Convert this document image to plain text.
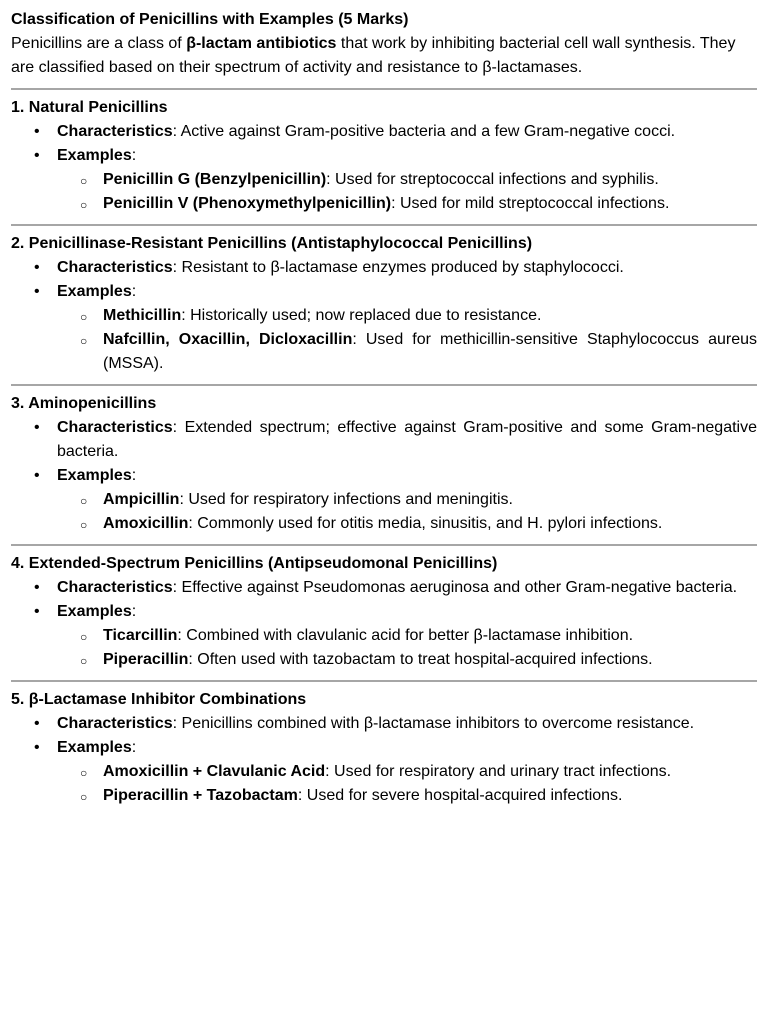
Classification of Penicillins with Examples (5 Marks)

Penicillins are a class of β-lactam antibiotics that work by inhibiting bacterial cell wall synthesis. They are classified based on their spectrum of activity and resistance to β-lactamases.

1. Natural Penicillins

• Characteristics: Active against Gram-positive bacteria and a few Gram-negative cocci.
• Examples:
○ Penicillin G (Benzylpenicillin): Used for streptococcal infections and syphilis.
○ Penicillin V (Phenoxymethylpenicillin): Used for mild streptococcal infections.

2. Penicillinase-Resistant Penicillins (Antistaphylococcal Penicillins)

• Characteristics: Resistant to β-lactamase enzymes produced by staphylococci.
• Examples:
○ Methicillin: Historically used; now replaced due to resistance.
○ Nafcillin, Oxacillin, Dicloxacillin: Used for methicillin-sensitive Staphylococcus aureus (MSSA).

3. Aminopenicillins

• Characteristics: Extended spectrum; effective against Gram-positive and some Gram-negative bacteria.
• Examples:
○ Ampicillin: Used for respiratory infections and meningitis.
○ Amoxicillin: Commonly used for otitis media, sinusitis, and H. pylori infections.

4. Extended-Spectrum Penicillins (Antipseudomonal Penicillins)

• Characteristics: Effective against Pseudomonas aeruginosa and other Gram-negative bacteria.
• Examples:
○ Ticarcillin: Combined with clavulanic acid for better β-lactamase inhibition.
○ Piperacillin: Often used with tazobactam to treat hospital-acquired infections.

5. β-Lactamase Inhibitor Combinations

• Characteristics: Penicillins combined with β-lactamase inhibitors to overcome resistance.
• Examples:
○ Amoxicillin + Clavulanic Acid: Used for respiratory and urinary tract infections.
○ Piperacillin + Tazobactam: Used for severe hospital-acquired infections.
